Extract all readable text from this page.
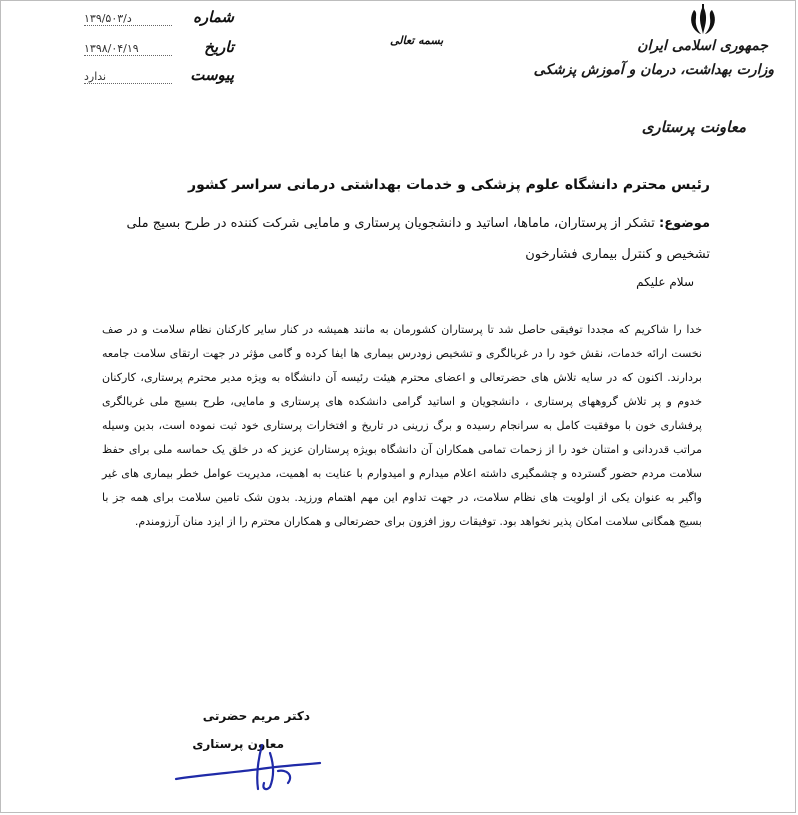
جمهوری اسلامی ایران
وزارت بهداشت، درمان و آموزش پزشکی
معاونت پرستاری
بسمه تعالی
شماره
۱۳۹/۵۰۳/د
تاریخ
۱۳۹۸/۰۴/۱۹
پیوست
ندارد
رئیس محترم دانشگاه علوم پزشکی و خدمات بهداشتی درمانی سراسر کشور
موضوع: تشکر از پرستاران، ماماها، اساتید و دانشجویان پرستاری و مامایی شرکت کننده در طرح بسیج ملی تشخیص و کنترل بیماری فشارخون
سلام علیکم
خدا را شاکریم که مجددا توفیقی حاصل شد تا پرستاران کشورمان به مانند همیشه در کنار سایر کارکنان نظام سلامت و در صف نخست ارائه خدمات، نقش خود را در غربالگری و تشخیص زودرس بیماری ها ایفا کرده و گامی مؤثر در جهت ارتقای سلامت جامعه بردارند. اکنون که در سایه تلاش های حضرتعالی و اعضای محترم هیئت رئیسه آن دانشگاه به ویژه مدیر محترم پرستاری، کارکنان خدوم و پر تلاش گروههای پرستاری ، دانشجویان و اساتید گرامی دانشکده های پرستاری و مامایی، طرح بسیج ملی غربالگری پرفشاری خون با موفقیت کامل به سرانجام رسیده و برگ زرینی در تاریخ و افتخارات پرستاری خود ثبت نموده است، بدین وسیله مراتب قدردانی و امتنان خود را از زحمات تمامی همکاران آن دانشگاه بویژه پرستاران عزیز که در خلق یک حماسه ملی برای حفظ سلامت مردم حضور گسترده و چشمگیری داشته اعلام میدارم و امیدوارم با عنایت به اهمیت، مدیریت عوامل خطر بیماری های غیر واگیر به عنوان یکی از اولویت های نظام سلامت، در جهت تداوم این مهم اهتمام ورزید. بدون شک تامین سلامت برای همه جز با بسیج همگانی سلامت امکان پذیر نخواهد بود. توفیقات روز افزون برای حضرتعالی و همکاران محترم را از ایزد منان آرزومندم.
دکتر مریم حضرتی
معاون پرستاری
